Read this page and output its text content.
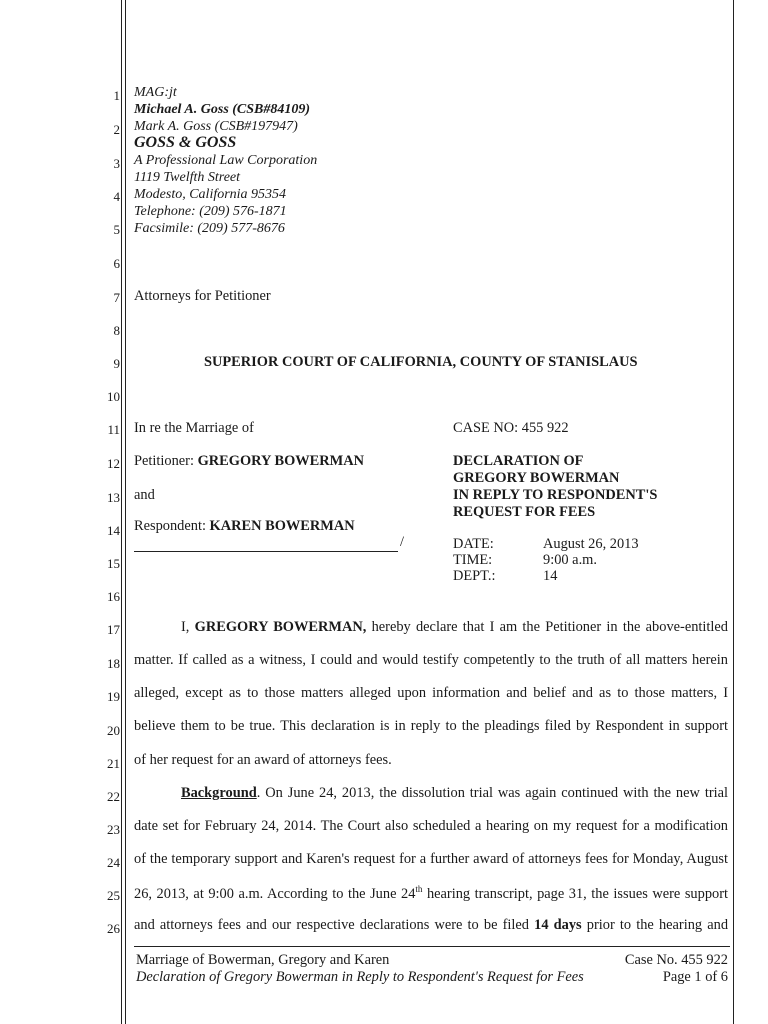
1
2
3
4
5
6
7
8
9
10
11
12
13
14
15
16
17
18
19
20
21
22
23
24
25
26
MAG:jt
Michael A. Goss (CSB#84109)
Mark A. Goss (CSB#197947)
GOSS & GOSS
A Professional Law Corporation
1119 Twelfth Street
Modesto, California 95354
Telephone: (209) 576-1871
Facsimile: (209) 577-8676
Attorneys for Petitioner
SUPERIOR COURT OF CALIFORNIA, COUNTY OF STANISLAUS
In re the Marriage of
Petitioner: GREGORY BOWERMAN
and
Respondent: KAREN BOWERMAN
/
CASE NO: 455 922
DECLARATION OF
GREGORY BOWERMAN
IN REPLY TO RESPONDENT'S
REQUEST FOR FEES
DATE:	August 26, 2013
TIME:	9:00 a.m.
DEPT.:	14
I, GREGORY BOWERMAN, hereby declare that I am the Petitioner in the above-entitled
matter. If called as a witness, I could and would testify competently to the truth of all matters herein
alleged, except as to those matters alleged upon information and belief and as to those matters, I
believe them to be true. This declaration is in reply to the pleadings filed by Respondent in support
of her request for an award of attorneys fees.
Background. On June 24, 2013, the dissolution trial was again continued with the new trial
date set for February 24, 2014. The Court also scheduled a hearing on my request for a modification
of the temporary support and Karen's request for a further award of attorneys fees for Monday, August
26, 2013, at 9:00 a.m. According to the June 24th hearing transcript, page 31, the issues were support
and attorneys fees and our respective declarations were to be filed 14 days prior to the hearing and
Marriage of Bowerman, Gregory and Karen
Declaration of Gregory Bowerman in Reply to Respondent's Request for Fees
Case No. 455 922
Page 1 of 6
